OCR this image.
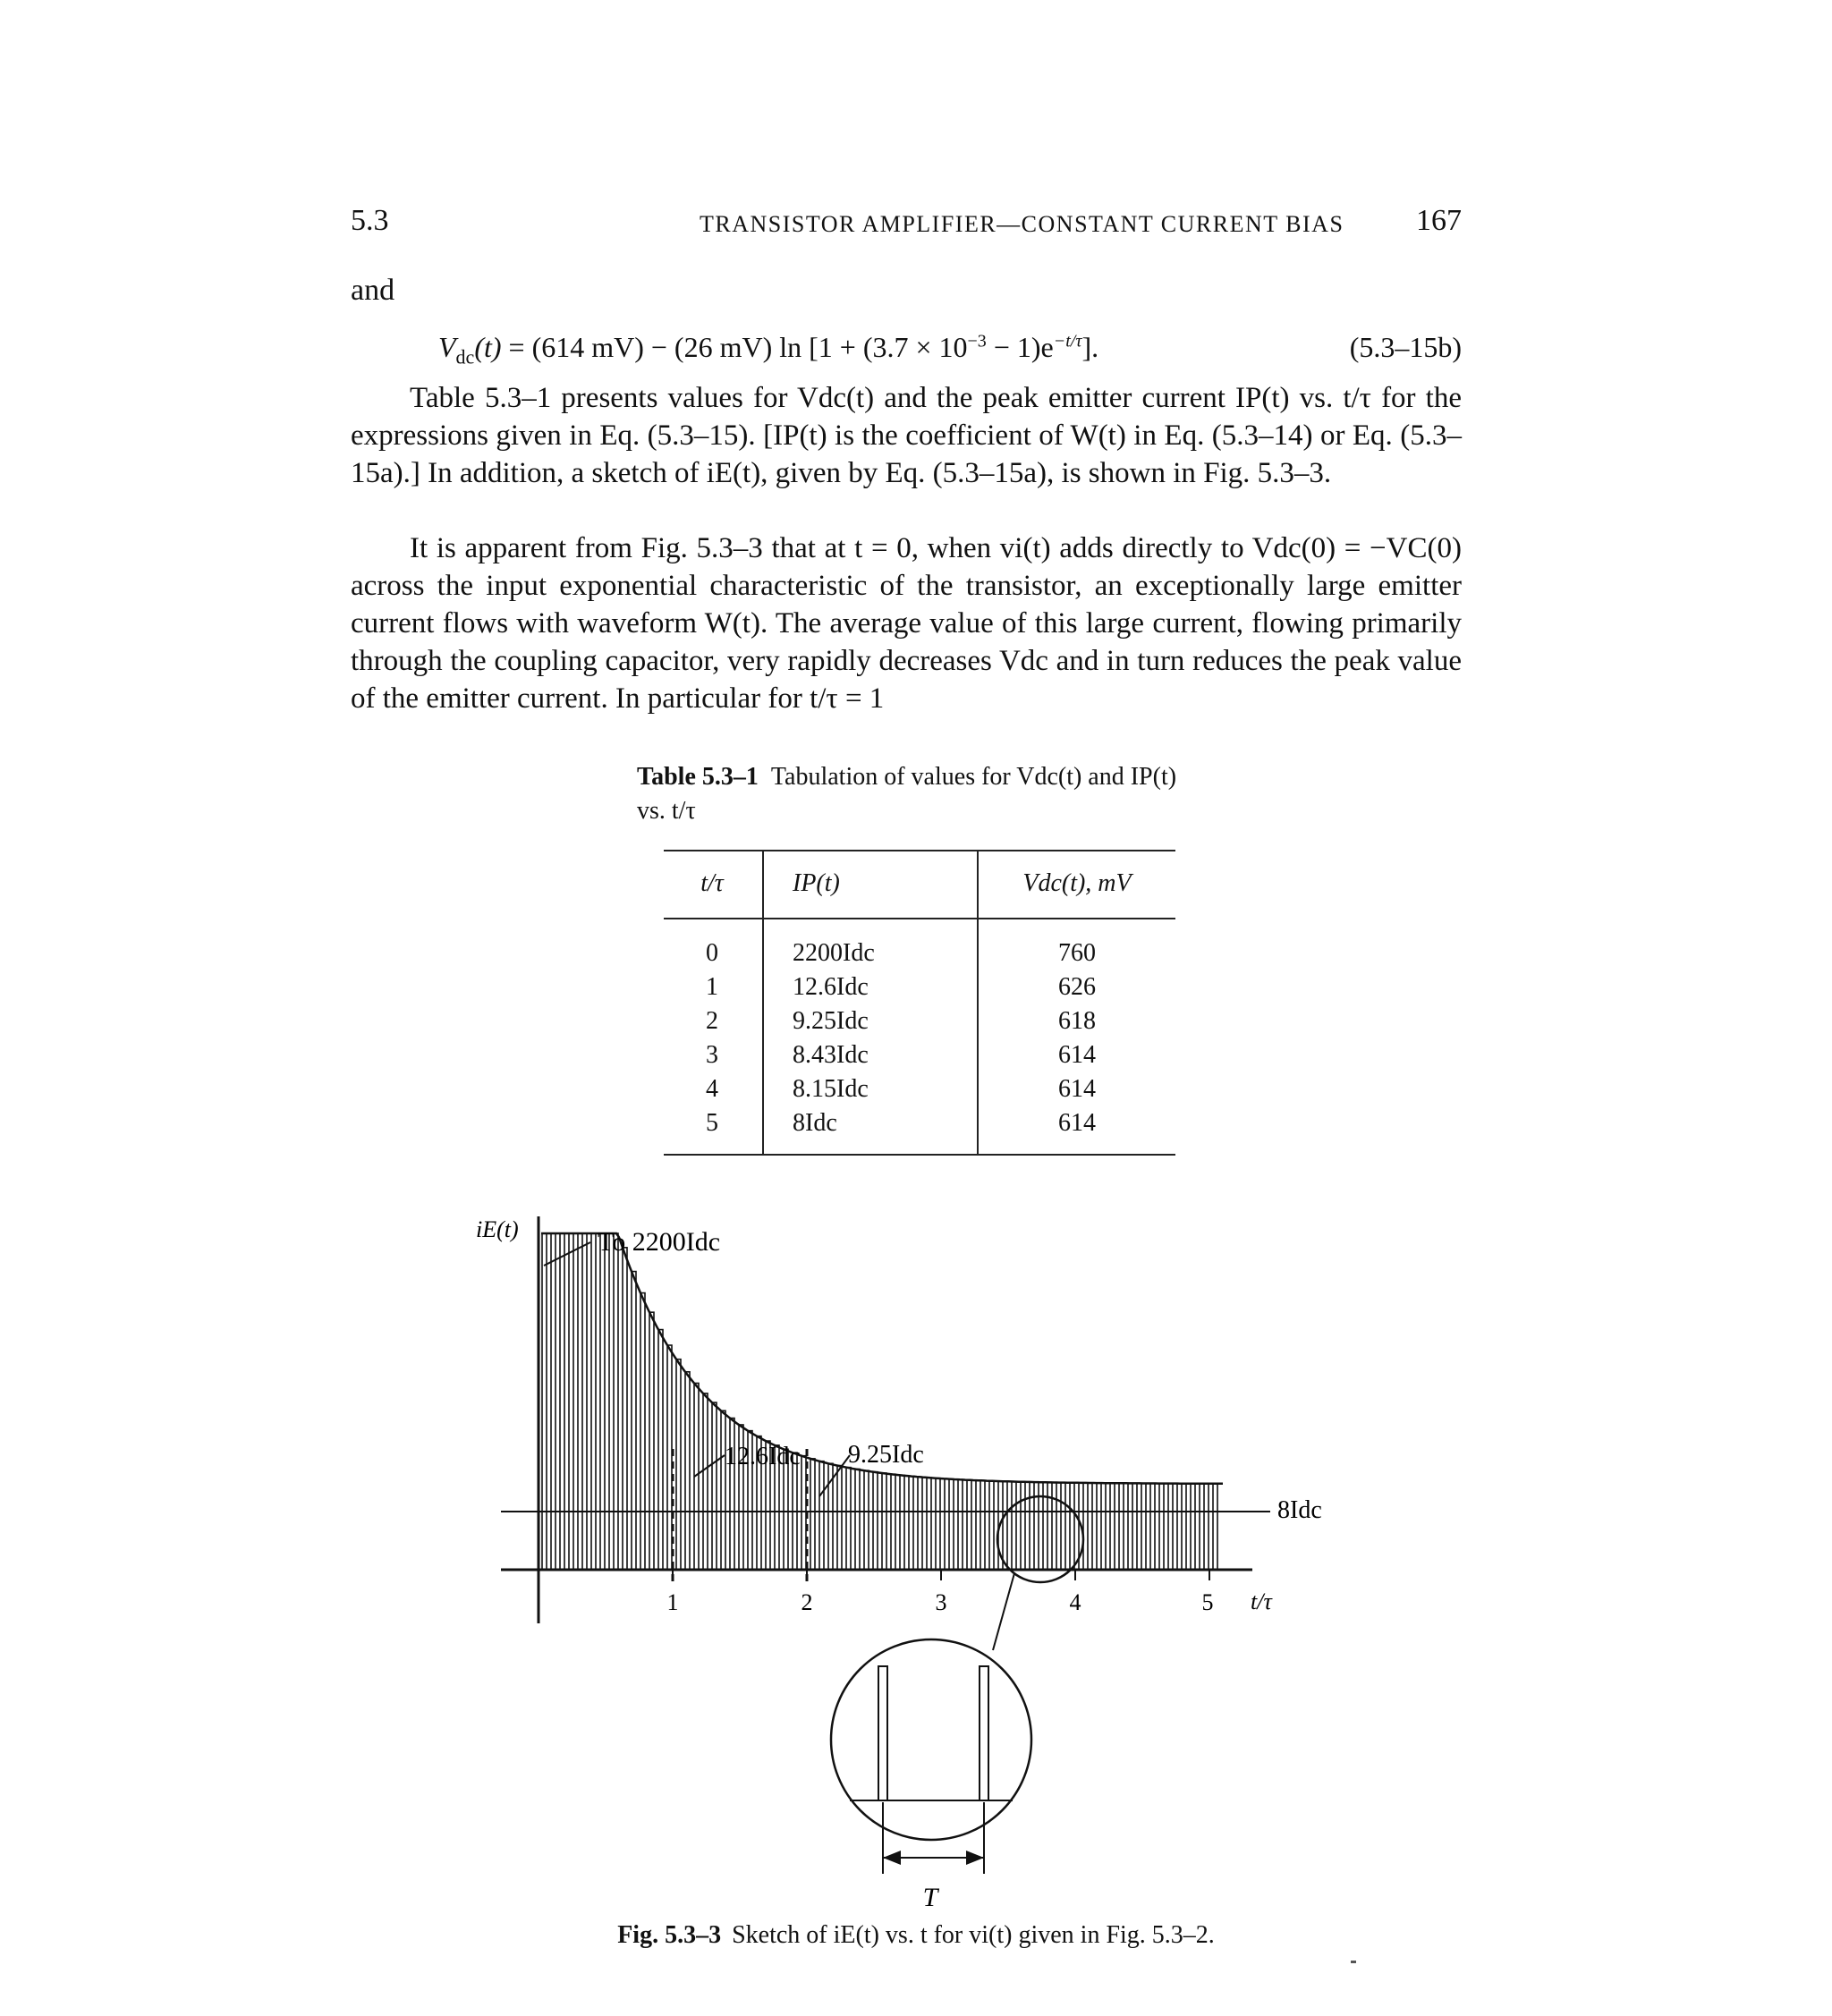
5.3	TRANSISTOR AMPLIFIER—CONSTANT CURRENT BIAS 167
and
$V_{dc}(t) = (614$ mV) − (26 mV) $\ln [1 + (3.7 \times 10^{-3} - 1)e^{-t/\tau}]$.	(5.3–15b)

Table 5.3–1 presents values for Vdc(t) and the peak emitter current IP(t) vs. t/τ for the expressions given in Eq. (5.3–15). [IP(t) is the coefficient of W(t) in Eq. (5.3–14) or Eq. (5.3–15a).] In addition, a sketch of iE(t), given by Eq. (5.3–15a), is shown in Fig. 5.3–3.

It is apparent from Fig. 5.3–3 that at t = 0, when vi(t) adds directly to Vdc(0) = −VC(0) across the input exponential characteristic of the transistor, an exceptionally large emitter current flows with waveform W(t). The average value of this large current, flowing primarily through the coupling capacitor, very rapidly decreases Vdc and in turn reduces the peak value of the emitter current. In particular for t/τ = 1

Table 5.3–1 Tabulation of values for Vdc(t) and IP(t) vs. t/τ
t/τ	IP(t)	Vdc(t), mV
0	2200Idc	760
1	12.6Idc	626
2	9.25Idc	618
3	8.43Idc	614
4	8.15Idc	614
5	8Idc	614
iE(t)	To 2200Idc
12.6Idc 9.25Idc
8Idc
t/τ
1	2	3	4	5
T
Fig. 5.3–3 Sketch of iE(t) vs. t for vi(t) given in Fig. 5.3–2.
